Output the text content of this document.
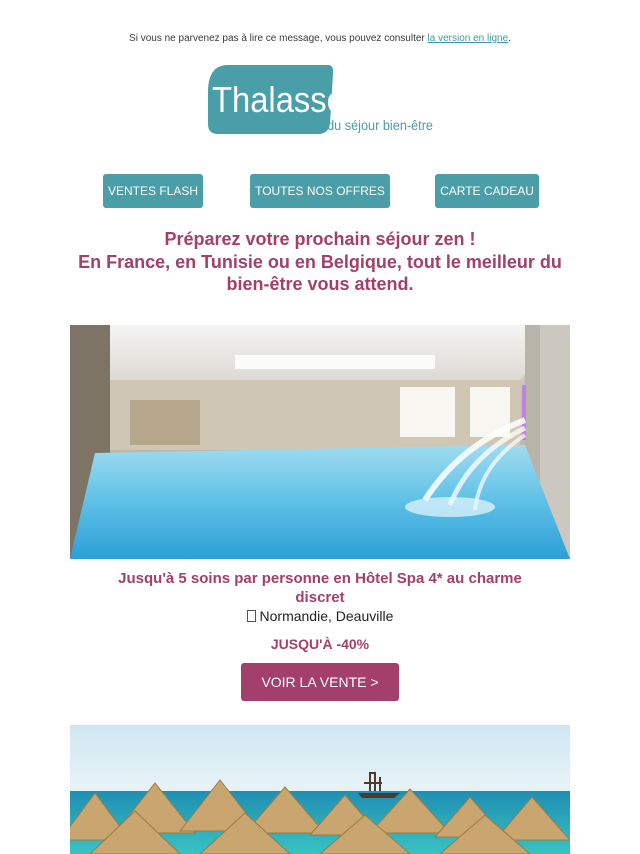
Si vous ne parvenez pas à lire ce message, vous pouvez consulter la version en ligne.
Thalasseo.com
Leader du séjour bien-être
VENTES FLASH	TOUTES NOS OFFRES	CARTE CADEAU
Préparez votre prochain séjour zen !
En France, en Tunisie ou en Belgique, tout le meilleur du bien-être vous attend.
Jusqu'à 5 soins par personne en Hôtel Spa 4* au charme discret
Normandie, Deauville
JUSQU'À -40%
VOIR LA VENTE >
